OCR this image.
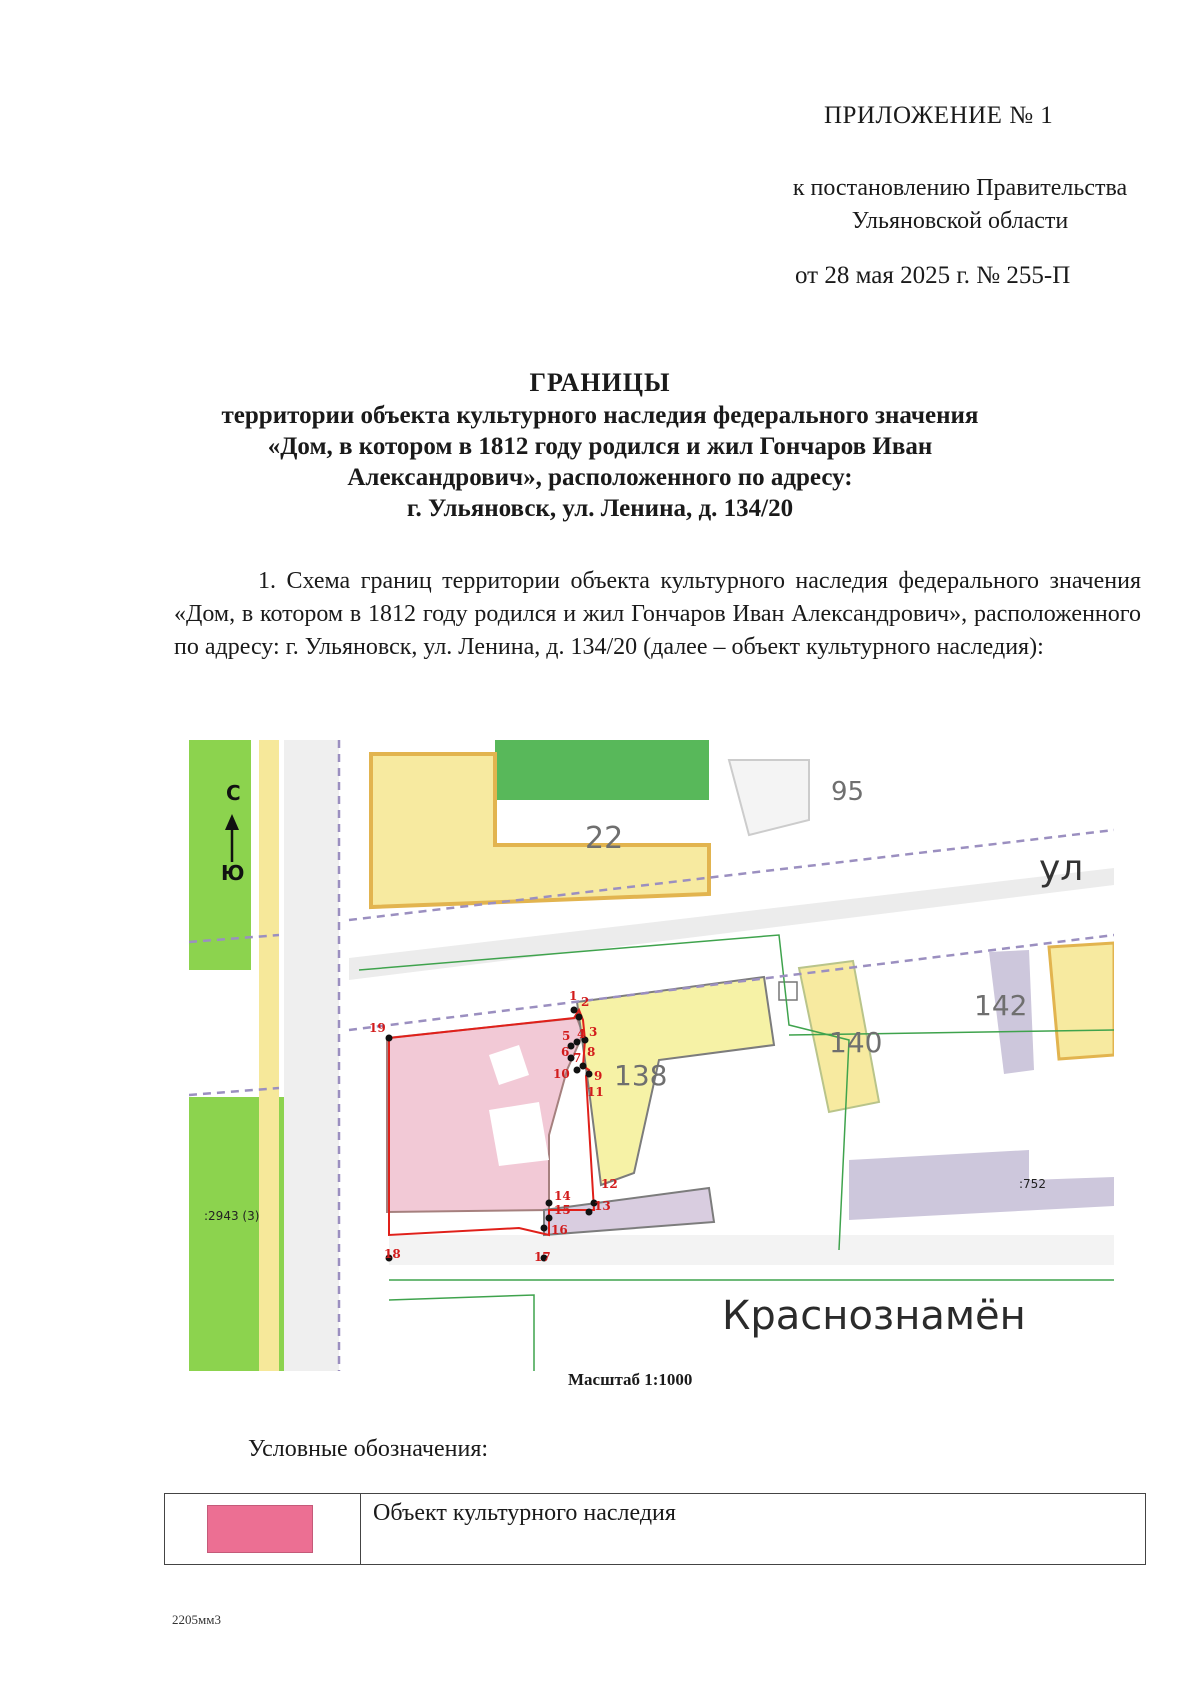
ПРИЛОЖЕНИЕ № 1
к постановлению Правительства
Ульяновской области
от 28 мая 2025 г. № 255-П
ГРАНИЦЫ
территории объекта культурного наследия федерального значения
«Дом, в котором в 1812 году родился и жил Гончаров Иван
Александрович», расположенного по адресу:
г. Ульяновск, ул. Ленина, д. 134/20
1. Схема границ территории объекта культурного наследия федерального значения «Дом, в котором в 1812 году родился и жил Гончаров Иван Александрович», расположенного по адресу: г. Ульяновск, ул. Ленина, д. 134/20 (далее – объект культурного наследия):
С
Ю
22
95
140
142
138
:2943 (3)
:752
ул
Краснознамён
1 2
3
4
5
6 7 8
9
10
11
12
13
14
15
16
17
18
19
Масштаб 1:1000
Условные обозначения:
	Объект культурного наследия
2205мм3
